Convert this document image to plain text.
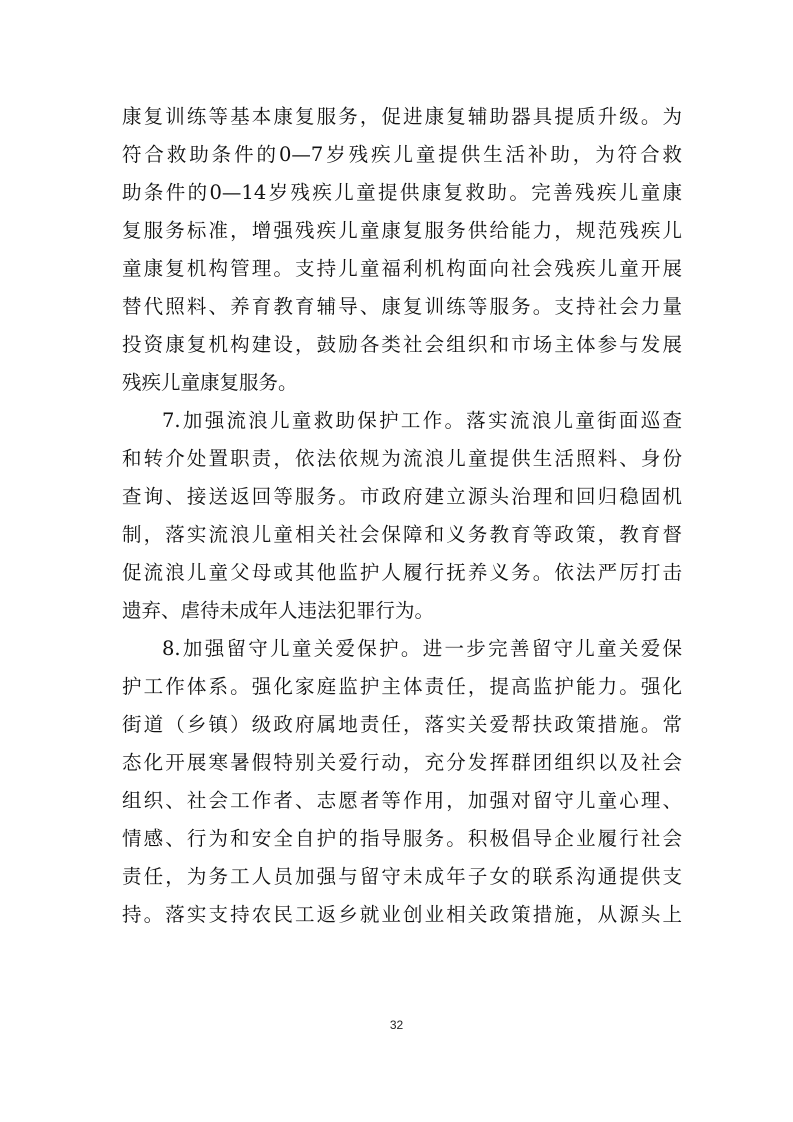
康复训练等基本康复服务，促进康复辅助器具提质升级。为
符合救助条件的0—7岁残疾儿童提供生活补助，为符合救
助条件的0—14岁残疾儿童提供康复救助。完善残疾儿童康
复服务标准，增强残疾儿童康复服务供给能力，规范残疾儿
童康复机构管理。支持儿童福利机构面向社会残疾儿童开展
替代照料、养育教育辅导、康复训练等服务。支持社会力量
投资康复机构建设，鼓励各类社会组织和市场主体参与发展
残疾儿童康复服务。
7.加强流浪儿童救助保护工作。落实流浪儿童街面巡查
和转介处置职责，依法依规为流浪儿童提供生活照料、身份
查询、接送返回等服务。市政府建立源头治理和回归稳固机
制，落实流浪儿童相关社会保障和义务教育等政策，教育督
促流浪儿童父母或其他监护人履行抚养义务。依法严厉打击
遗弃、虐待未成年人违法犯罪行为。
8.加强留守儿童关爱保护。进一步完善留守儿童关爱保
护工作体系。强化家庭监护主体责任，提高监护能力。强化
街道（乡镇）级政府属地责任，落实关爱帮扶政策措施。常
态化开展寒暑假特别关爱行动，充分发挥群团组织以及社会
组织、社会工作者、志愿者等作用，加强对留守儿童心理、
情感、行为和安全自护的指导服务。积极倡导企业履行社会
责任，为务工人员加强与留守未成年子女的联系沟通提供支
持。落实支持农民工返乡就业创业相关政策措施，从源头上
32
